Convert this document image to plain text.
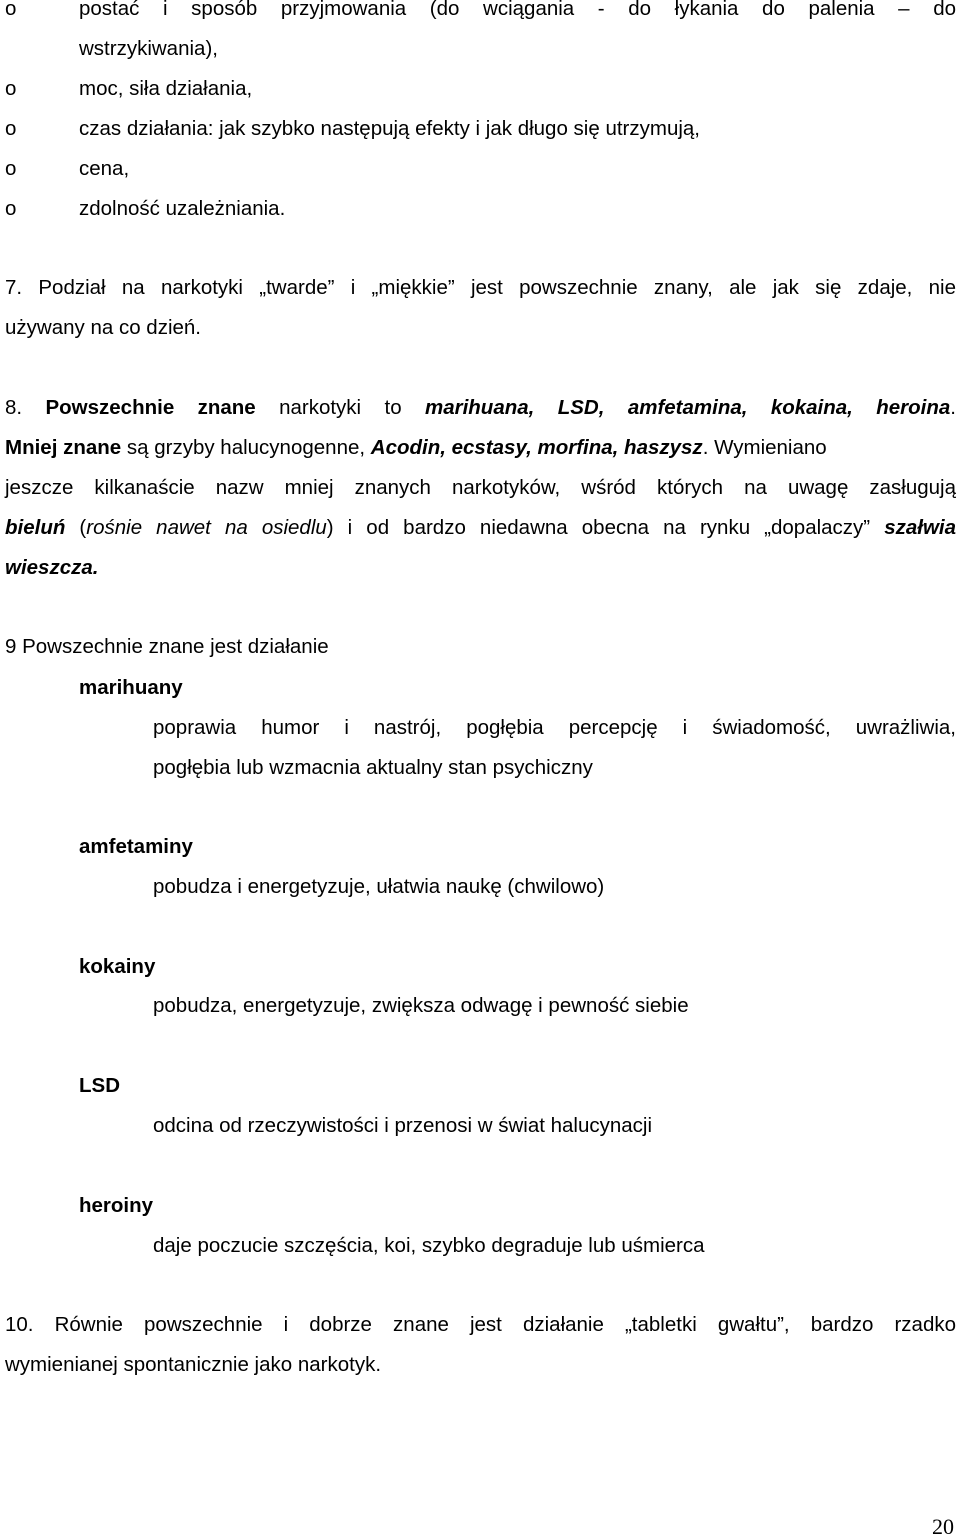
o	postać i sposób przyjmowania (do wciągania - do łykania do palenia – do
wstrzykiwania),
o	moc, siła działania,
o	czas działania: jak szybko następują efekty i jak długo się utrzymują,
o	cena,
o	zdolność uzależniania.
7. Podział na narkotyki „twarde” i „miękkie” jest powszechnie znany, ale jak się zdaje, nie
używany na co dzień.
8. Powszechnie znane narkotyki to marihuana, LSD, amfetamina, kokaina, heroina.
Mniej znane są grzyby halucynogenne, Acodin, ecstasy, morfina, haszysz. Wymieniano
jeszcze kilkanaście nazw mniej znanych narkotyków, wśród których na uwagę zasługują
bieluń (rośnie nawet na osiedlu) i od bardzo niedawna obecna na rynku „dopalaczy” szałwia
wieszcza.
9 Powszechnie znane jest działanie
marihuany
poprawia humor i nastrój, pogłębia percepcję i świadomość, uwrażliwia,
pogłębia lub wzmacnia aktualny stan psychiczny
amfetaminy
pobudza i energetyzuje, ułatwia naukę (chwilowo)
kokainy
pobudza, energetyzuje, zwiększa odwagę i pewność siebie
LSD
odcina od rzeczywistości i przenosi w świat halucynacji
heroiny
daje poczucie szczęścia, koi, szybko degraduje lub uśmierca
10. Równie powszechnie i dobrze znane jest działanie „tabletki gwałtu”, bardzo rzadko
wymienianej spontanicznie jako narkotyk.
20
